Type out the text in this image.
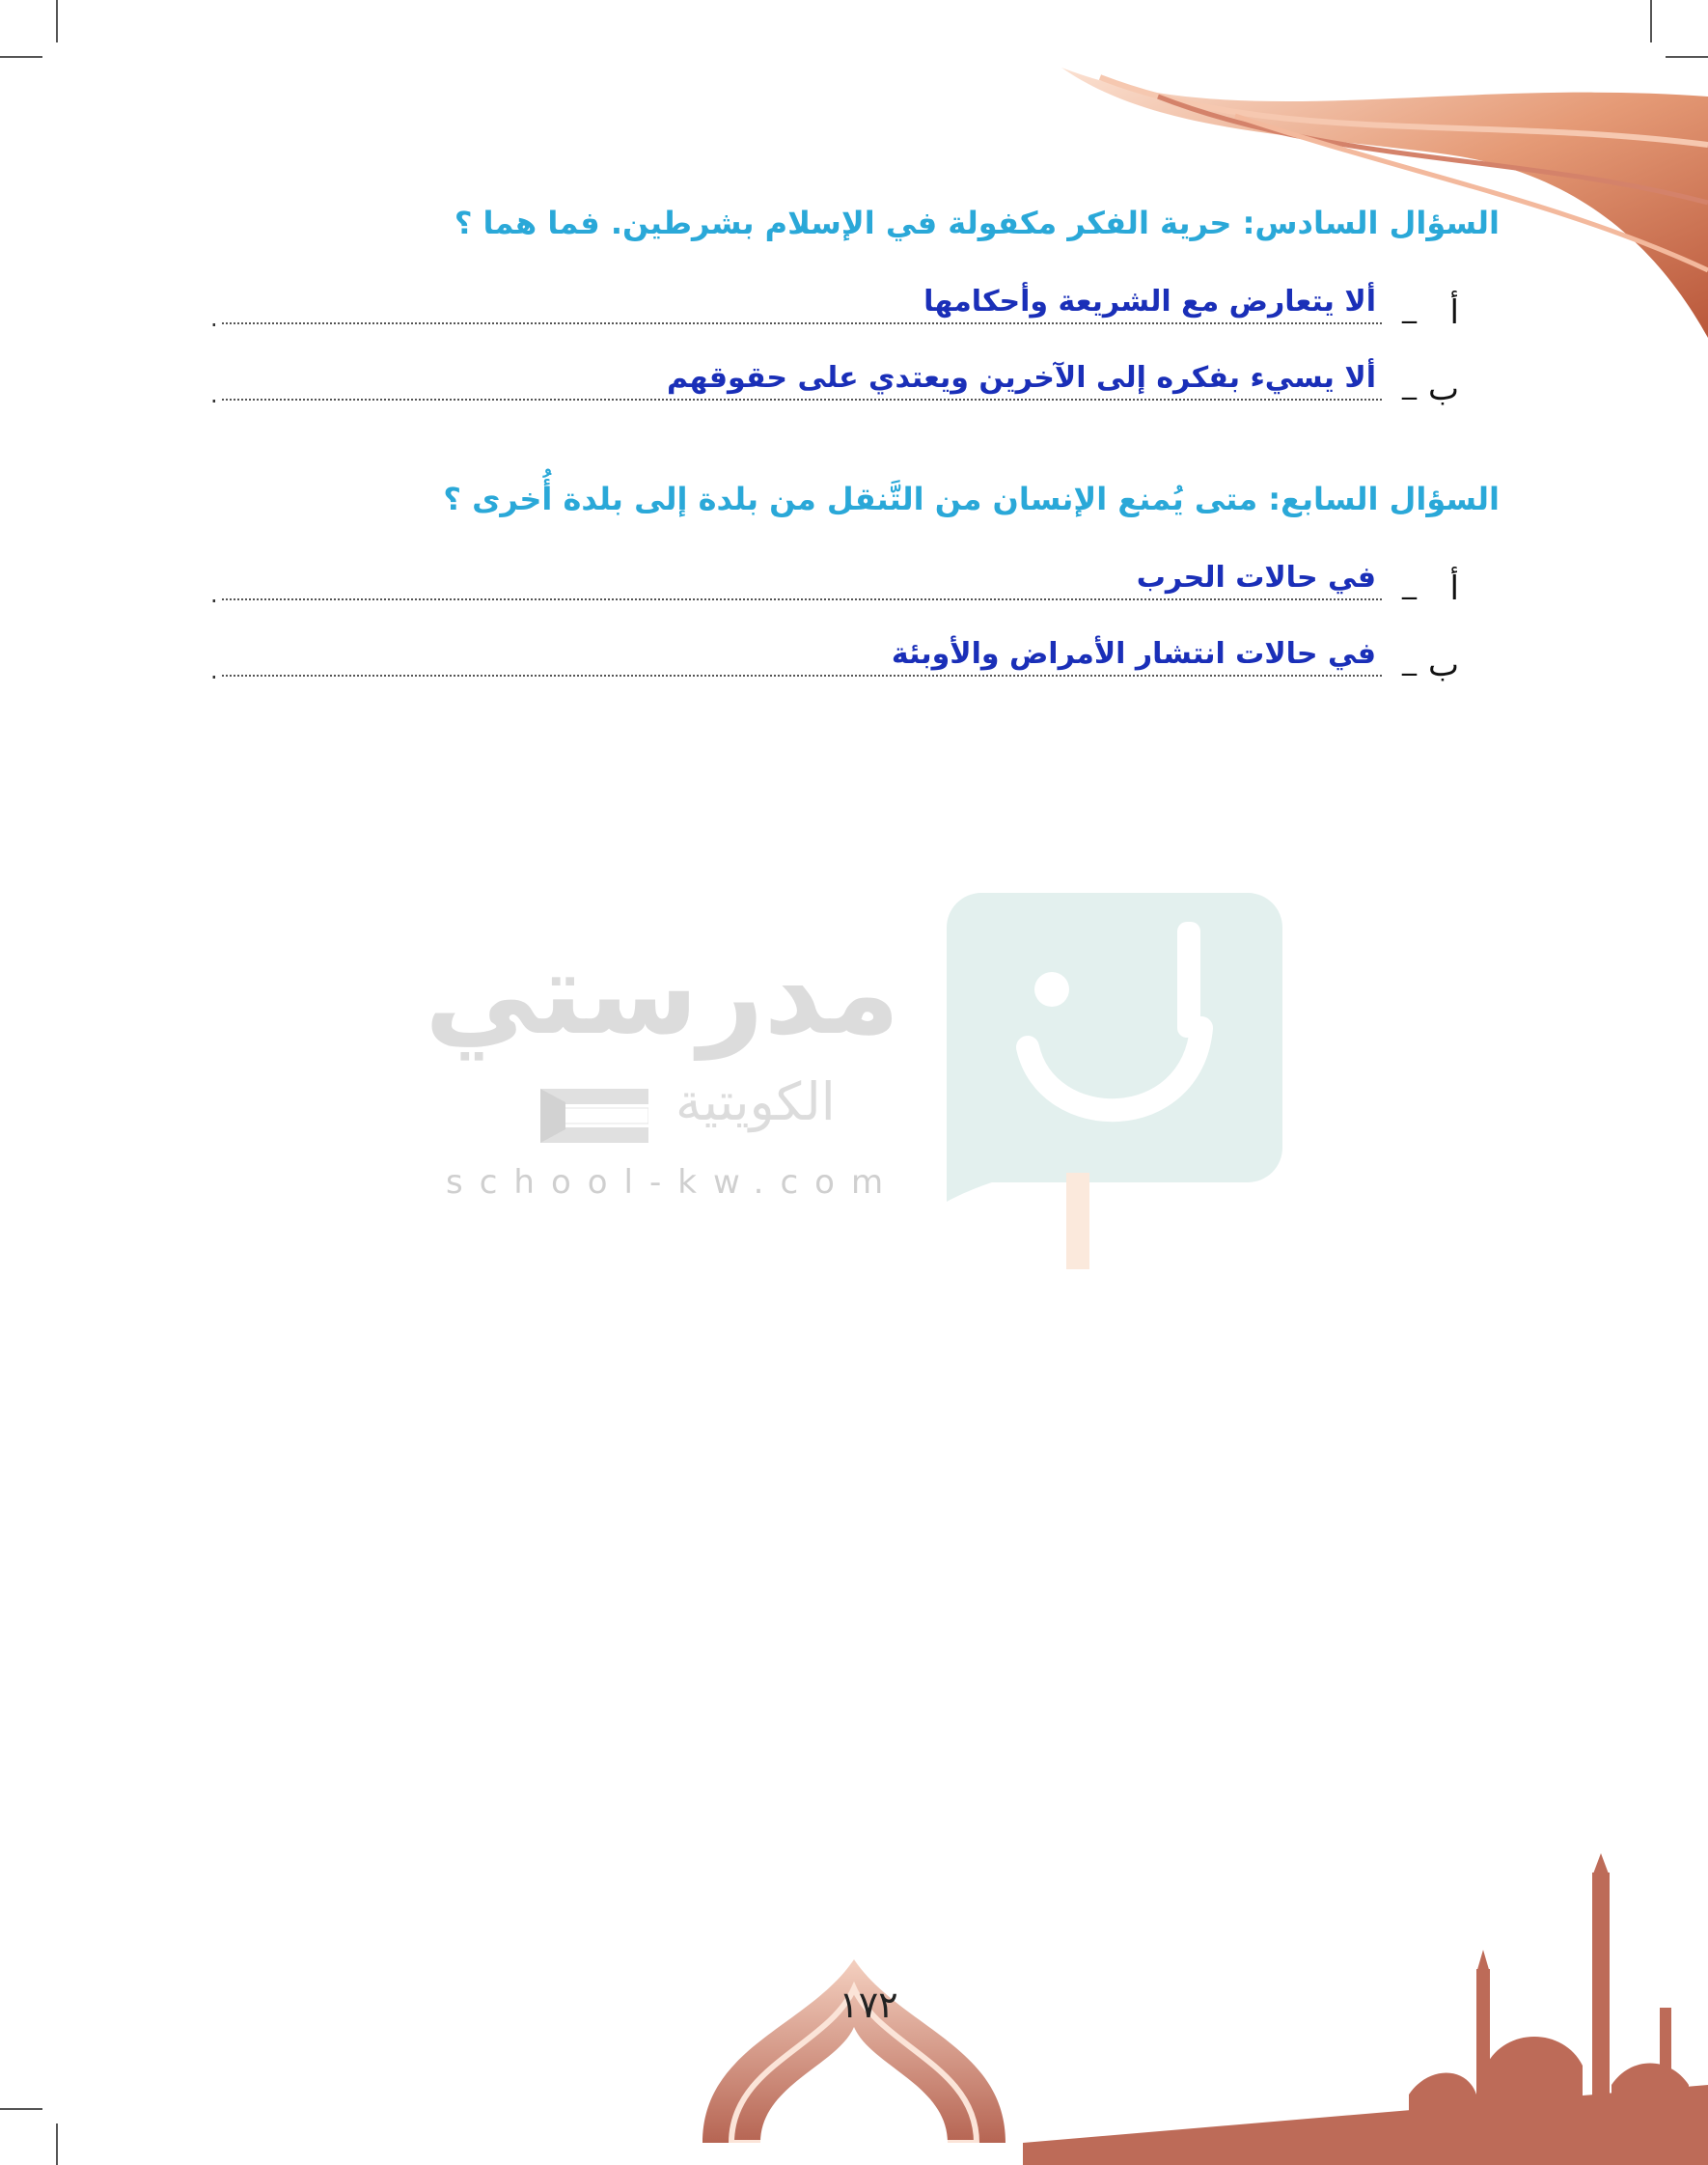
السؤال السادس: حرية الفكر مكفولة في الإسلام بشرطين. فما هما ؟
أ
_
.	ألا يتعارض مع الشريعة وأحكامها
ب
_
.	ألا يسيء بفكره إلى الآخرين ويعتدي على حقوقهم
السؤال السابع: متى يُمنع الإنسان من التَّنقل من بلدة إلى بلدة أُخرى ؟
أ
_
.	في حالات الحرب
ب
_
.	في حالات انتشار الأمراض والأوبئة
مدرستي
الكويتية
school-kw.com
١٧٢
